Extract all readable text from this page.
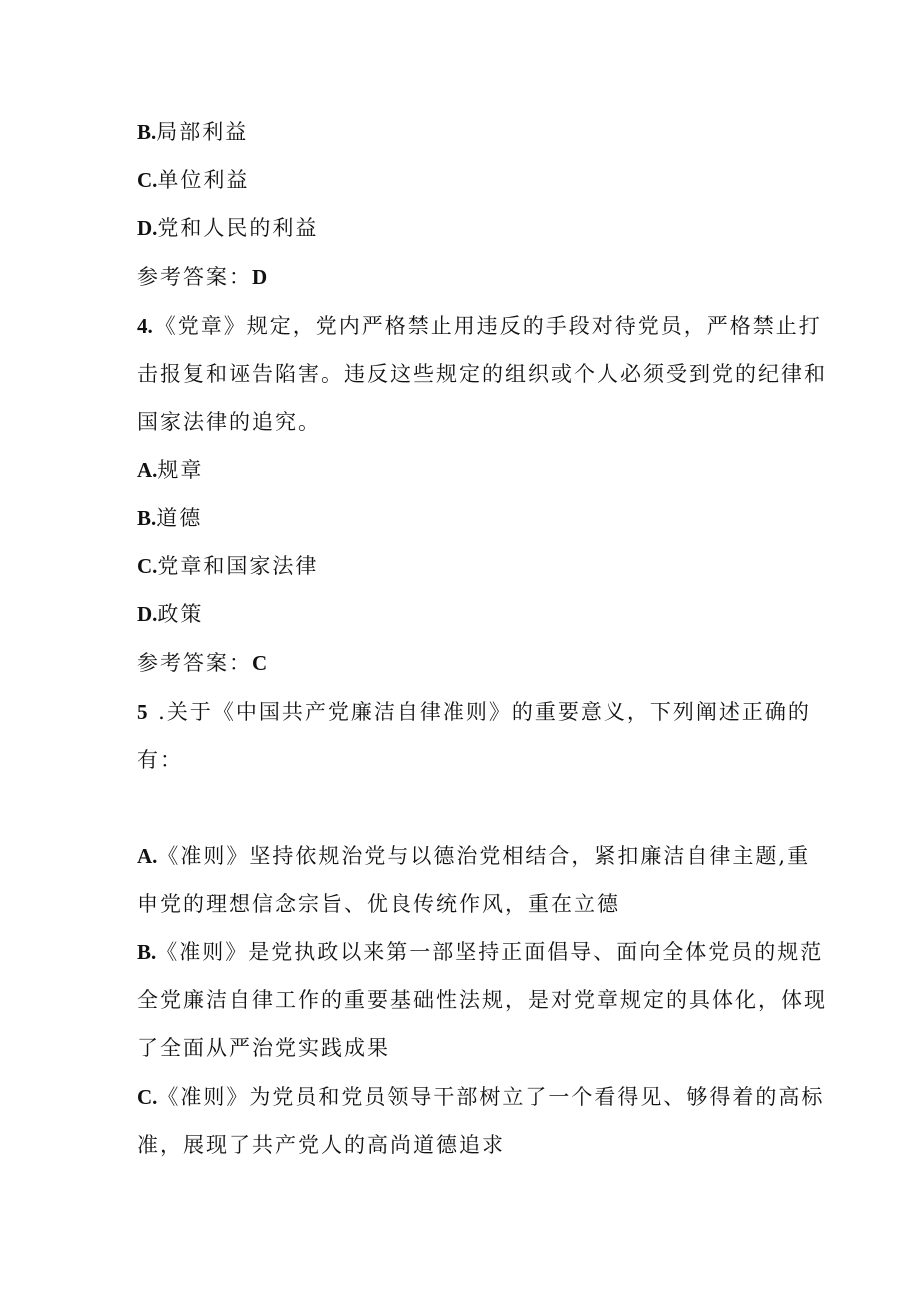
B.局部利益
C.单位利益
D.党和人民的利益
参考答案：D
4.《党章》规定，党内严格禁止用违反的手段对待党员，严格禁止打
击报复和诬告陷害。违反这些规定的组织或个人必须受到党的纪律和
国家法律的追究。
A.规章
B.道德
C.党章和国家法律
D.政策
参考答案：C
5 .关于《中国共产党廉洁自律准则》的重要意义，下列阐述正确的
有：
A.《准则》坚持依规治党与以德治党相结合，紧扣廉洁自律主题,重
申党的理想信念宗旨、优良传统作风，重在立德
B.《准则》是党执政以来第一部坚持正面倡导、面向全体党员的规范
全党廉洁自律工作的重要基础性法规，是对党章规定的具体化，体现
了全面从严治党实践成果
C.《准则》为党员和党员领导干部树立了一个看得见、够得着的高标
准，展现了共产党人的高尚道德追求
